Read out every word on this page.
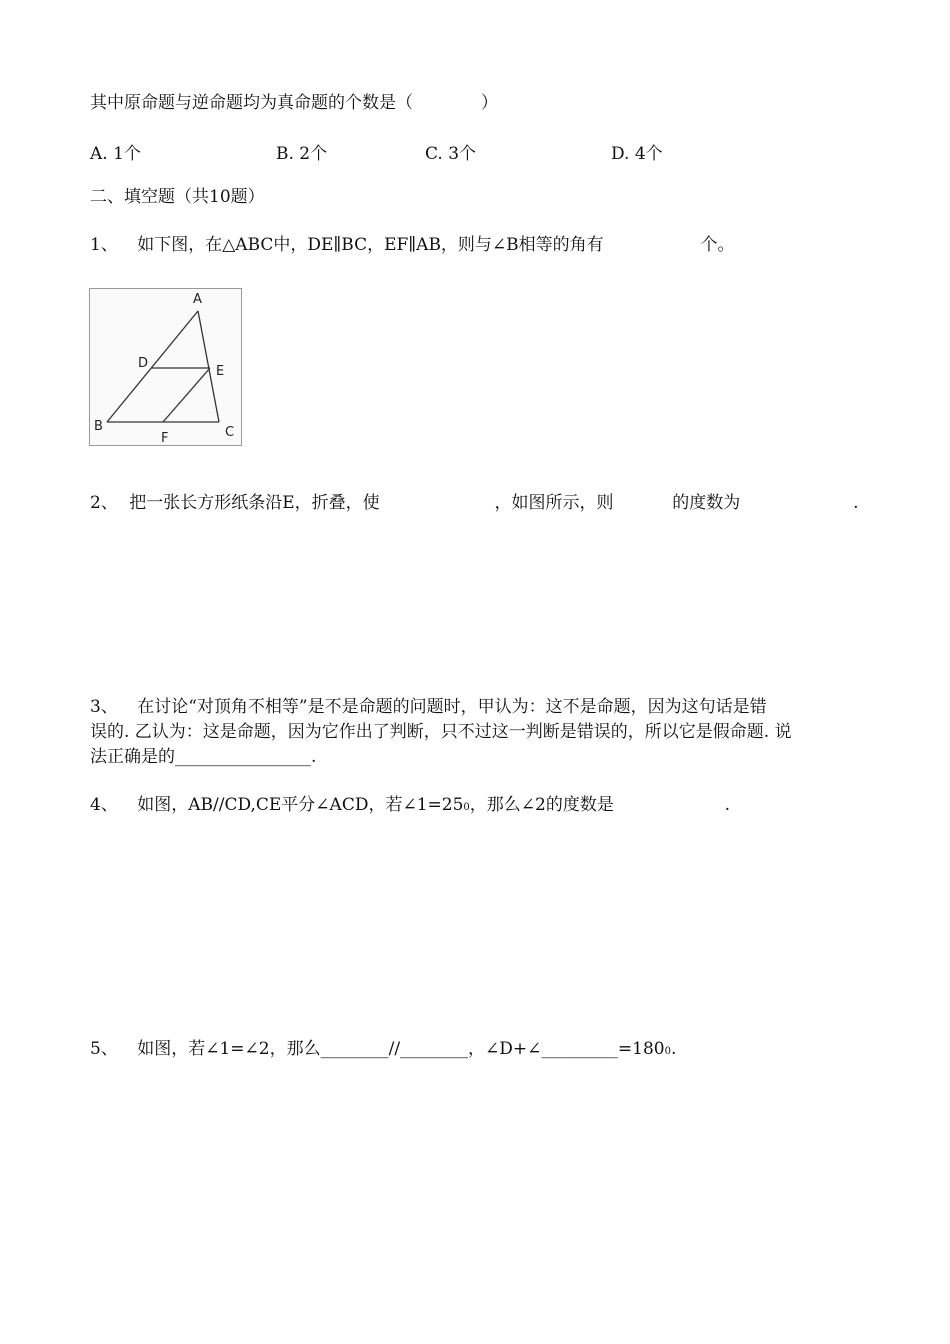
其中原命题与逆命题均为真命题的个数是（　　　　）
A. 1个	B. 2个	C. 3个	D. 4个
二、填空题（共10题）
1、 如下图，在△ABC中，DE∥BC，EF∥AB，则与∠B相等的角有	个。
A
D
E
B
F	C
2、 把一张长方形纸条沿E，折叠，使	，如图所示，则	的度数为	.
3、 在讨论“对顶角不相等”是不是命题的问题时，甲认为：这不是命题，因为这句话是错
误的. 乙认为：这是命题，因为它作出了判断，只不过这一判断是错误的，所以它是假命题. 说
法正确是的________________.
4、 如图，AB//CD,CE平分∠ACD，若∠1=250，那么∠2的度数是	.
5、 如图，若∠1=∠2，那么________//________，∠D+∠_________=1800.
